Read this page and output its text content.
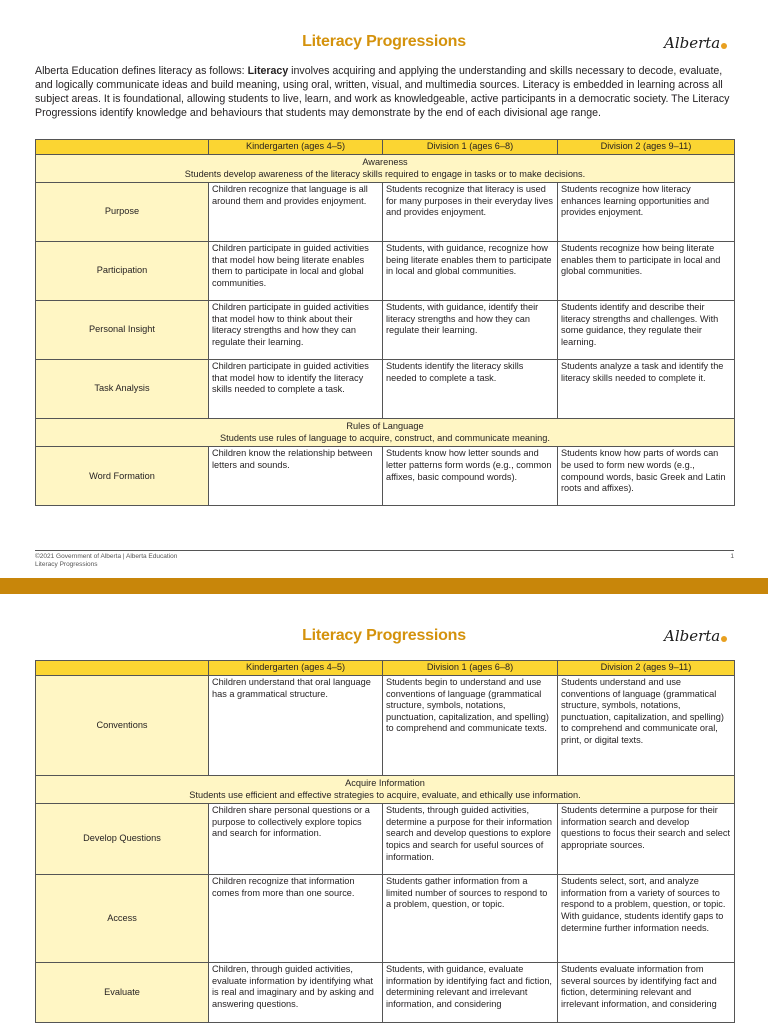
Literacy Progressions	Alberta
Alberta Education defines literacy as follows: Literacy involves acquiring and applying the understanding and skills necessary to decode, evaluate, and logically communicate ideas and build meaning, using oral, written, visual, and multimedia sources. Literacy is embedded in learning across all subject areas. It is foundational, allowing students to live, learn, and work as knowledgeable, active participants in a democratic society. The Literacy Progressions identify knowledge and behaviours that students may demonstrate by the end of each divisional age range.
	Kindergarten (ages 4–5)	Division 1 (ages 6–8)	Division 2 (ages 9–11)

Awareness
Students develop awareness of the literacy skills required to engage in tasks or to make decisions.			

Purpose	Children recognize that language is all around them and provides enjoyment.	Students recognize that literacy is used for many purposes in their everyday lives and provides enjoyment.	Students recognize how literacy enhances learning opportunities and provides enjoyment.
Participation	Children participate in guided activities that model how being literate enables them to participate in local and global communities.	Students, with guidance, recognize how being literate enables them to participate in local and global communities.	Students recognize how being literate enables them to participate in local and global communities.
Personal Insight	Children participate in guided activities that model how to think about their literacy strengths and how they can regulate their learning.	Students, with guidance, identify their literacy strengths and how they can regulate their learning.	Students identify and describe their literacy strengths and challenges. With some guidance, they regulate their learning.
Task Analysis	Children participate in guided activities that model how to identify the literacy skills needed to complete a task.	Students identify the literacy skills needed to complete a task.	Students analyze a task and identify the literacy skills needed to complete it.

Rules of Language
Students use rules of language to acquire, construct, and communicate meaning.			

Word Formation	Children know the relationship between letters and sounds.	Students know how letter sounds and letter patterns form words (e.g., common affixes, basic compound words).	Students know how parts of words can be used to form new words (e.g., compound words, basic Greek and Latin roots and affixes).
©2021 Government of Alberta | Alberta Education
Literacy Progressions
1
Literacy Progressions	Alberta
	Kindergarten (ages 4–5)	Division 1 (ages 6–8)	Division 2 (ages 9–11)
Conventions	Children understand that oral language has a grammatical structure.	Students begin to understand and use conventions of language (grammatical structure, symbols, notations, punctuation, capitalization, and spelling) to comprehend and communicate texts.	Students understand and use conventions of language (grammatical structure, symbols, notations, punctuation, capitalization, and spelling) to comprehend and communicate oral, print, or digital texts.

Acquire Information
Students use efficient and effective strategies to acquire, evaluate, and ethically use information.			

Develop Questions	Children share personal questions or a purpose to collectively explore topics and search for information.	Students, through guided activities, determine a purpose for their information search and develop questions to explore topics and search for useful sources of information.	Students determine a purpose for their information search and develop questions to focus their search and select appropriate sources.
Access	Children recognize that information comes from more than one source.	Students gather information from a limited number of sources to respond to a problem, question, or topic.	Students select, sort, and analyze information from a variety of sources to respond to a problem, question, or topic. With guidance, students identify gaps to determine further information needs.
Evaluate	Children, through guided activities, evaluate information by identifying what is real and imaginary and by asking and answering questions.	Students, with guidance, evaluate information by identifying fact and fiction, determining relevant and irrelevant information, and considering	Students evaluate information from several sources by identifying fact and fiction, determining relevant and irrelevant information, and considering
